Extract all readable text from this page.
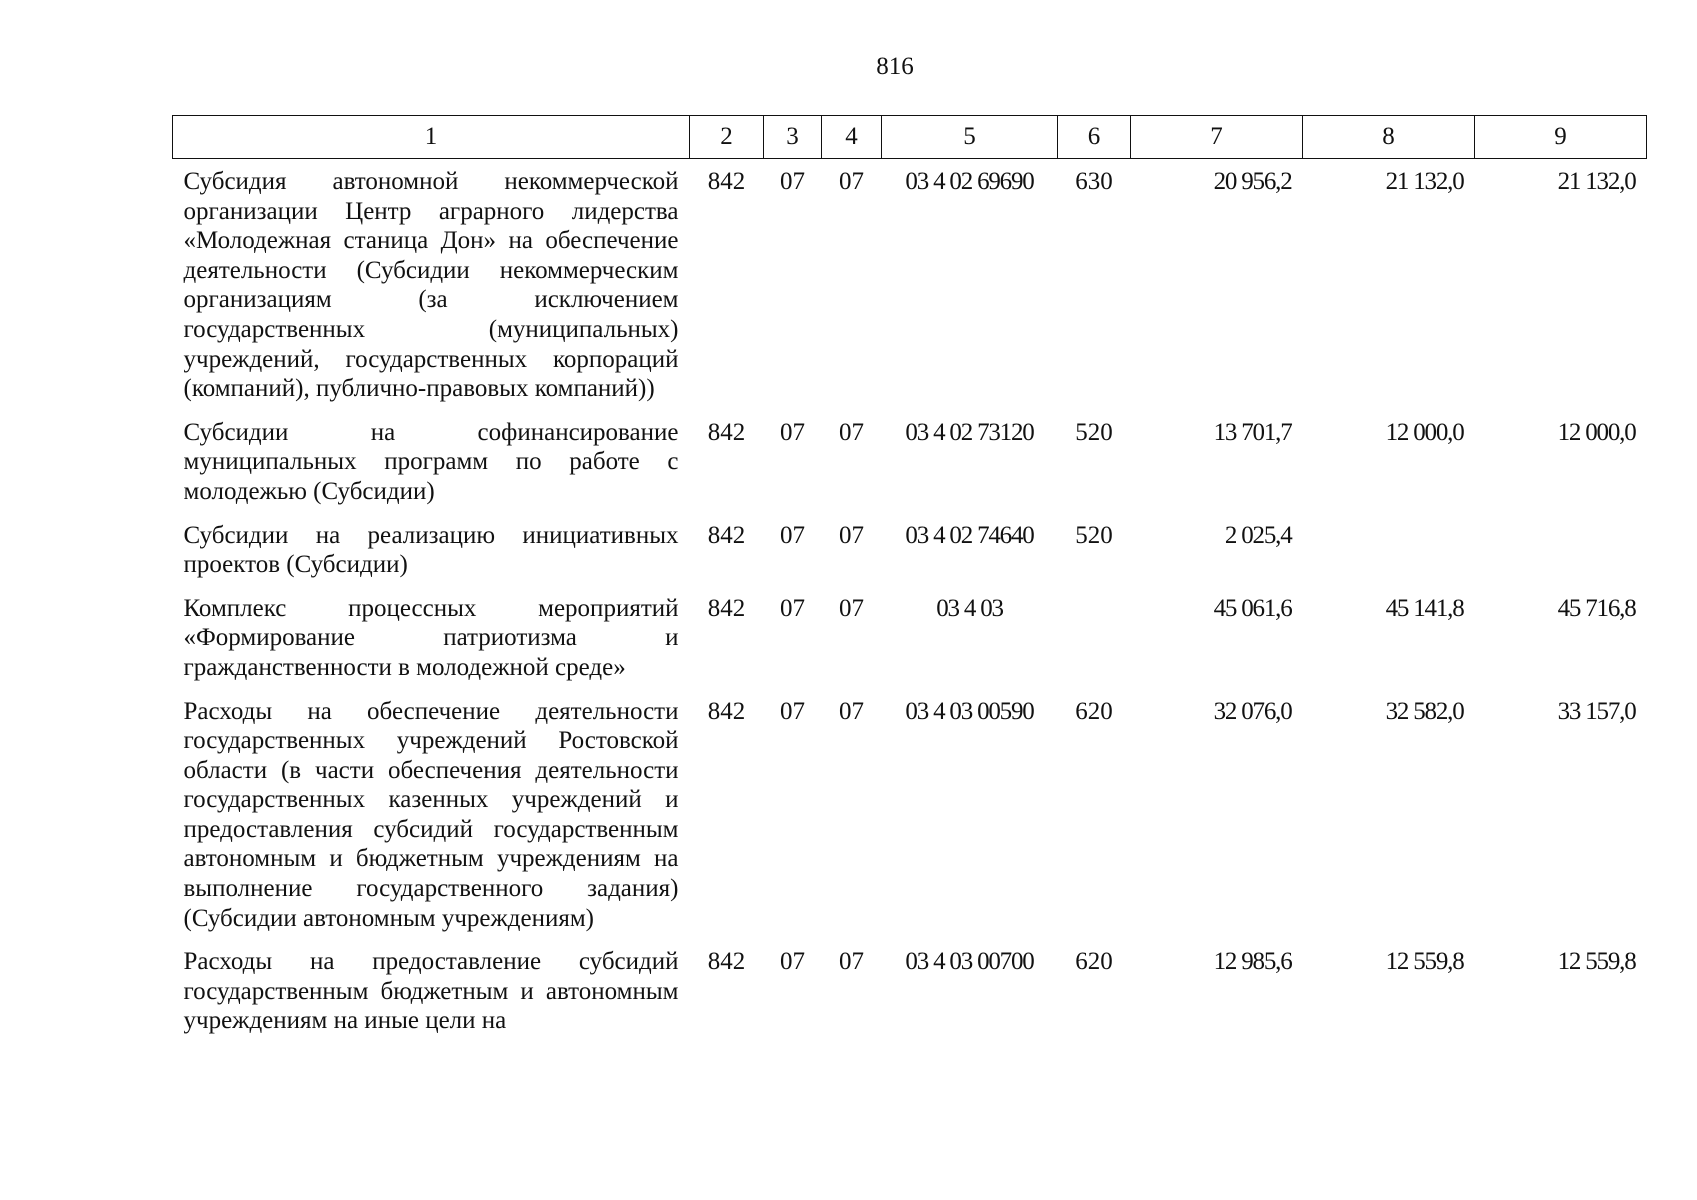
816
1	2	3	4	5	6	7	8	9
Субсидия автономной некоммерческой организации Центр аграрного лидерства «Молодежная станица Дон» на обеспечение деятельности (Субсидии некоммерческим организациям (за исключением государственных (муниципальных) учреждений, государственных корпораций (компаний), публично-правовых компаний))	842	07	07	03 4 02 69690	630	20 956,2	21 132,0	21 132,0
Субсидии на софинансирование муниципальных программ по работе с молодежью (Субсидии)	842	07	07	03 4 02 73120	520	13 701,7	12 000,0	12 000,0
Субсидии на реализацию инициативных проектов (Субсидии)	842	07	07	03 4 02 74640	520	2 025,4		
Комплекс процессных мероприятий «Формирование патриотизма и гражданственности в молодежной среде»	842	07	07	03 4 03		45 061,6	45 141,8	45 716,8
Расходы на обеспечение деятельности государственных учреждений Ростовской области (в части обеспечения деятельности государственных казенных учреждений и предоставления субсидий государственным автономным и бюджетным учреждениям на выполнение государственного задания) (Субсидии автономным учреждениям)	842	07	07	03 4 03 00590	620	32 076,0	32 582,0	33 157,0
Расходы на предоставление субсидий государственным бюджетным и автономным учреждениям на иные цели на	842	07	07	03 4 03 00700	620	12 985,6	12 559,8	12 559,8
